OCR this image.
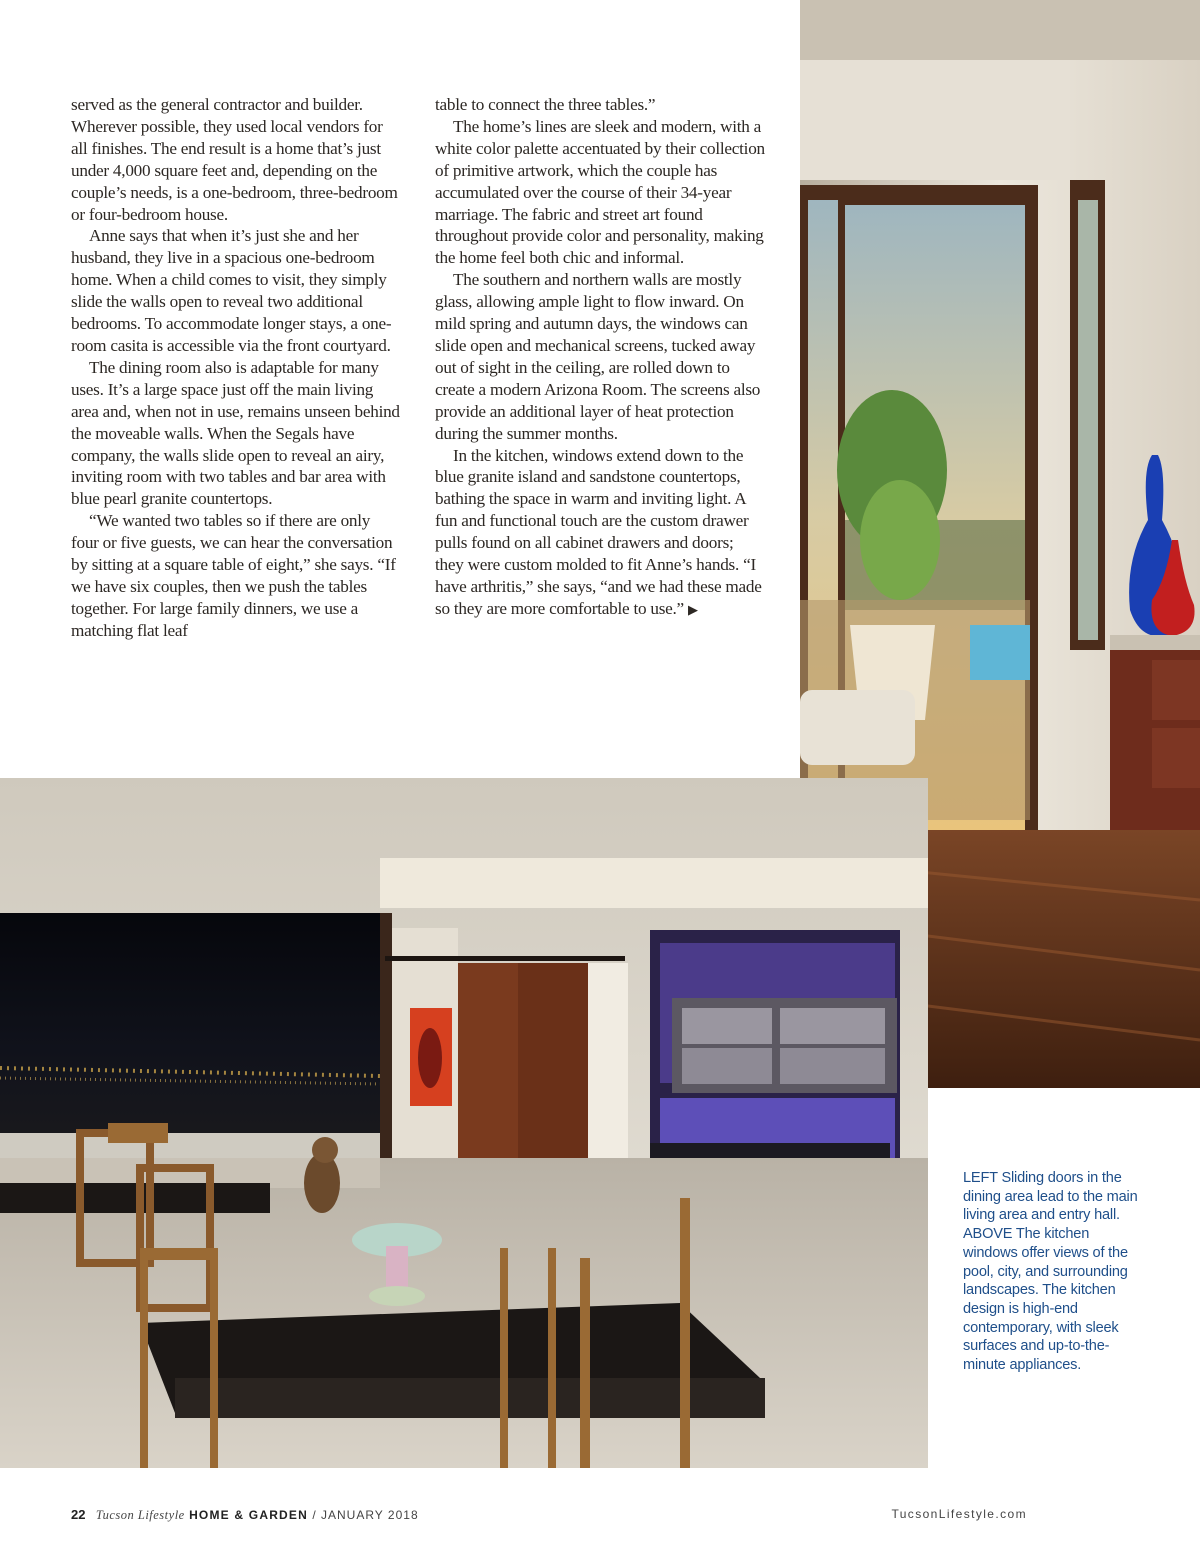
served as the general contractor and builder. Wherever possible, they used local vendors for all finishes. The end result is a home that’s just under 4,000 square feet and, depending on the couple’s needs, is a one-bedroom, three-bedroom or four-bedroom house.

Anne says that when it’s just she and her husband, they live in a spacious one-bedroom home. When a child comes to visit, they simply slide the walls open to reveal two additional bedrooms. To accommodate longer stays, a one-room casita is accessible via the front courtyard.

The dining room also is adaptable for many uses. It’s a large space just off the main living area and, when not in use, remains unseen behind the moveable walls. When the Segals have company, the walls slide open to reveal an airy, inviting room with two tables and bar area with blue pearl granite countertops.

“We wanted two tables so if there are only four or five guests, we can hear the conversation by sitting at a square table of eight,” she says. “If we have six couples, then we push the tables together. For large family dinners, we use a matching flat leaf

table to connect the three tables.”

The home’s lines are sleek and modern, with a white color palette accentuated by their collection of primitive artwork, which the couple has accumulated over the course of their 34-year marriage. The fabric and street art found throughout provide color and personality, making the home feel both chic and informal.

The southern and northern walls are mostly glass, allowing ample light to flow inward. On mild spring and autumn days, the windows can slide open and mechanical screens, tucked away out of sight in the ceiling, are rolled down to create a modern Arizona Room. The screens also provide an additional layer of heat protection during the summer months.

In the kitchen, windows extend down to the blue granite island and sandstone countertops, bathing the space in warm and inviting light. A fun and functional touch are the custom drawer pulls found on all cabinet drawers and doors; they were custom molded to fit Anne’s hands. “I have arthritis,” she says, “and we had these made so they are more comfortable to use.” ▶

LEFT Sliding doors in the dining area lead to the main living area and entry hall.

ABOVE The kitchen windows offer views of the pool, city, and surrounding landscapes. The kitchen design is high-end contemporary, with sleek surfaces and up-to-the-minute appliances.

22 Tucson Lifestyle HOME & GARDEN / JANUARY 2018	TucsonLifestyle.com
